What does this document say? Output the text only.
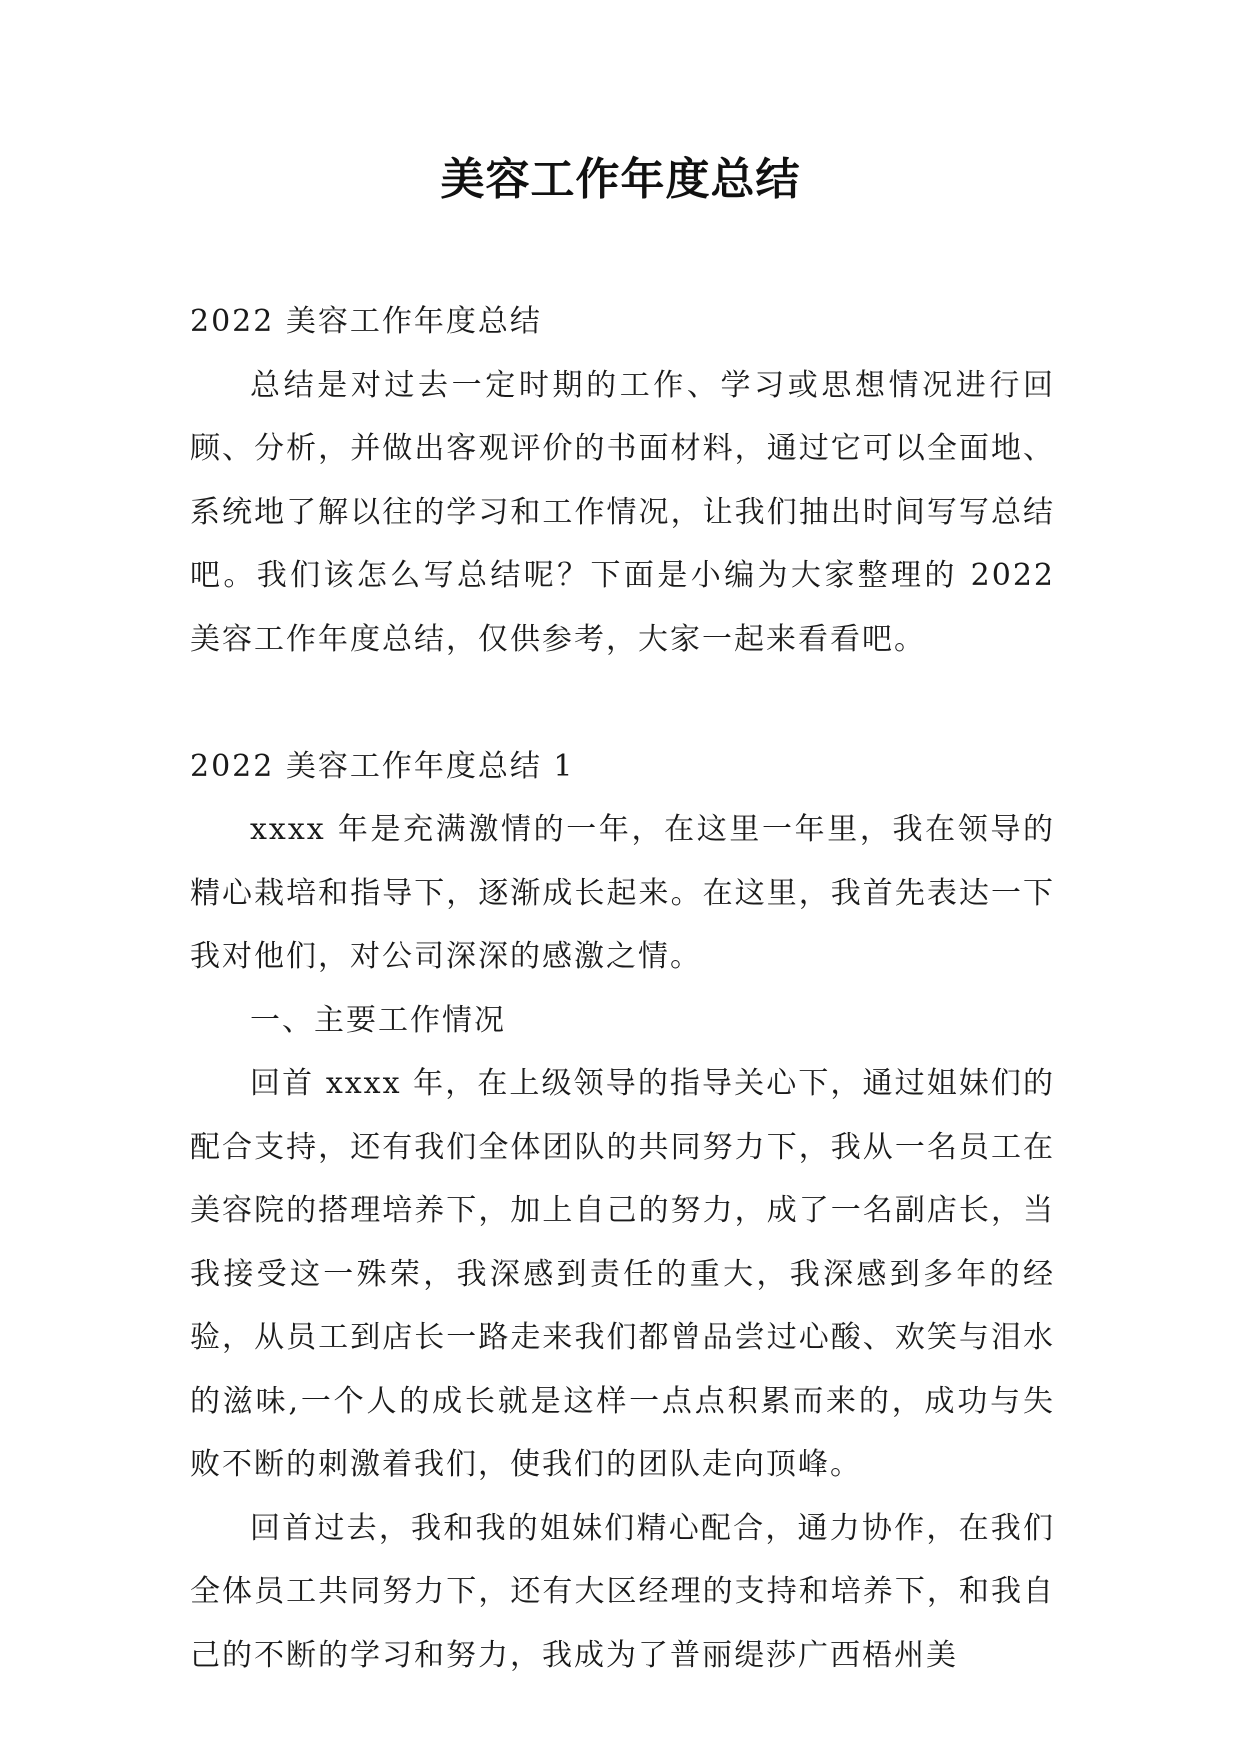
美容工作年度总结

2022 美容工作年度总结

总结是对过去一定时期的工作、学习或思想情况进行回顾、分析，并做出客观评价的书面材料，通过它可以全面地、系统地了解以往的学习和工作情况，让我们抽出时间写写总结吧。我们该怎么写总结呢？下面是小编为大家整理的 2022 美容工作年度总结，仅供参考，大家一起来看看吧。

2022 美容工作年度总结 1

xxxx 年是充满激情的一年，在这里一年里，我在领导的精心栽培和指导下，逐渐成长起来。在这里，我首先表达一下我对他们，对公司深深的感激之情。

一、主要工作情况

回首 xxxx 年，在上级领导的指导关心下，通过姐妹们的配合支持，还有我们全体团队的共同努力下，我从一名员工在美容院的搭理培养下，加上自己的努力，成了一名副店长，当我接受这一殊荣，我深感到责任的重大，我深感到多年的经验，从员工到店长一路走来我们都曾品尝过心酸、欢笑与泪水的滋味,一个人的成长就是这样一点点积累而来的，成功与失败不断的刺激着我们，使我们的团队走向顶峰。

回首过去，我和我的姐妹们精心配合，通力协作，在我们全体员工共同努力下，还有大区经理的支持和培养下，和我自己的不断的学习和努力，我成为了普丽缇莎广西梧州美
